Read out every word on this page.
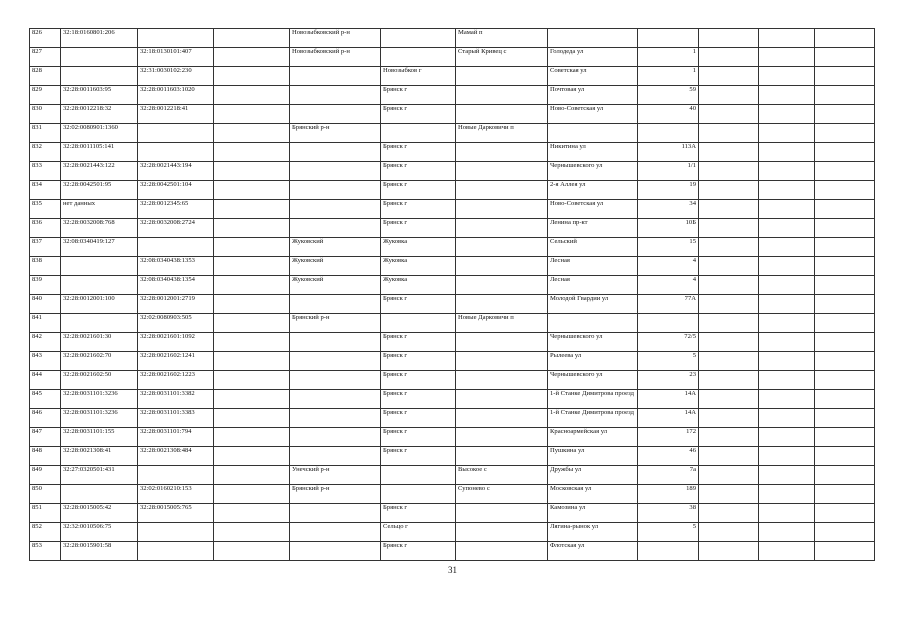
826	32:18:0160801:206			Новозыбковский р-н		Мамай п					
827		32:18:0130101:407		Новозыбковский р-н		Старый Кривец с	Голодеда ул	1			
828		32:31:0030102:230			Новозыбков г		Советская ул	1			
829	32:28:0011603:95	32:28:0011603:1020			Брянск г		Почтовая ул	59			
830	32:28:0012218:32	32:28:0012218:41			Брянск г		Ново-Советская ул	40			
831	32:02:0080901:1360			Брянский р-н		Новые Дарковичи п					
832	32:28:0011105:141				Брянск г		Никитина ул	113А			
833	32:28:0021443:122	32:28:0021443:194			Брянск г		Чернышевского ул	1/1			
834	32:28:0042501:95	32:28:0042501:104			Брянск г		2-я Аллея ул	19			
835	нет данных	32:28:0012345:65			Брянск г		Ново-Советская ул	34			
836	32:28:0032008:768	32:28:0032008:2724			Брянск г		Ленина пр-кт	10Б			
837	32:08:0340419:127			Жуковский	Жуковка		Сельский	15			
838		32:08:0340438:1353		Жуковский	Жуковка		Лесная	4			
839		32:08:0340438:1354		Жуковский	Жуковка		Лесная	4			
840	32:28:0012001:100	32:28:0012001:2719			Брянск г		Молодой Гвардии ул	77А			
841		32:02:0080903:505		Брянский р-н		Новые Дарковичи п					
842	32:28:0021601:30	32:28:0021601:1092			Брянск г		Чернышевского ул	72/5			
843	32:28:0021602:70	32:28:0021602:1241			Брянск г		Рылеева ул	5			
844	32:28:0021602:50	32:28:0021602:1223			Брянск г		Чернышевского ул	23			
845	32:28:0031101:3236	32:28:0031101:3382			Брянск г		1-й Станке Димитрова проезд	14А			
846	32:28:0031101:3236	32:28:0031101:3383			Брянск г		1-й Станке Димитрова проезд	14А			
847	32:28:0031101:155	32:28:0031101:794			Брянск г		Красноармейская ул	172			
848	32:28:0021308:41	32:28:0021308:484			Брянск г		Пушкина ул	46			
849	32:27:0320501:431			Унечский р-н		Высокое с	Дружбы ул	7а			
850		32:02:0160210:153		Брянский р-н		Супонево с	Московская ул	189			
851	32:28:0015005:42	32:28:0015005:765			Брянск г		Камозина ул	38			
852	32:32:0010506:75				Сельцо г		Лягина-рынок ул	5			
853	32:28:0015901:58				Брянск г		Флотская ул				
31
